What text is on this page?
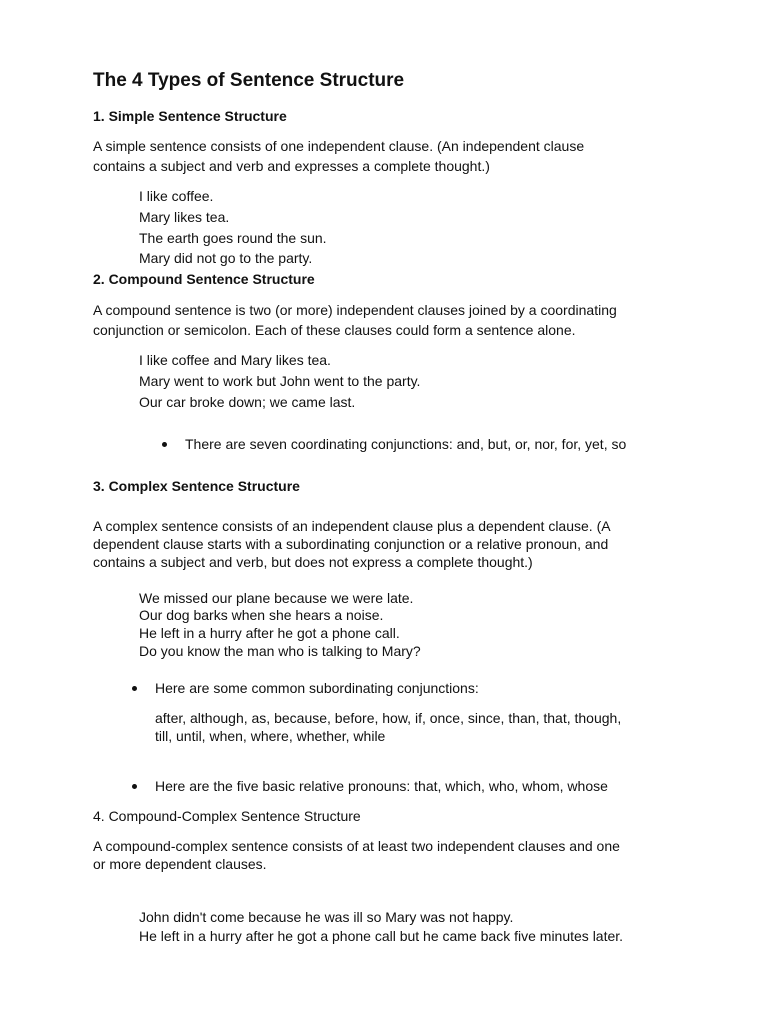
The 4 Types of Sentence Structure
1. Simple Sentence Structure
A simple sentence consists of one independent clause. (An independent clause
contains a subject and verb and expresses a complete thought.)
I like coffee.
Mary likes tea.
The earth goes round the sun.
Mary did not go to the party.
2. Compound Sentence Structure
A compound sentence is two (or more) independent clauses joined by a coordinating
conjunction or semicolon. Each of these clauses could form a sentence alone.
I like coffee and Mary likes tea.
Mary went to work but John went to the party.
Our car broke down; we came last.
There are seven coordinating conjunctions: and, but, or, nor, for, yet, so
3. Complex Sentence Structure
A complex sentence consists of an independent clause plus a dependent clause. (A
dependent clause starts with a subordinating conjunction or a relative pronoun, and
contains a subject and verb, but does not express a complete thought.)
We missed our plane because we were late.
Our dog barks when she hears a noise.
He left in a hurry after he got a phone call.
Do you know the man who is talking to Mary?
Here are some common subordinating conjunctions:
after, although, as, because, before, how, if, once, since, than, that, though,
till, until, when, where, whether, while
Here are the five basic relative pronouns: that, which, who, whom, whose
4. Compound-Complex Sentence Structure
A compound-complex sentence consists of at least two independent clauses and one
or more dependent clauses.
John didn't come because he was ill so Mary was not happy.
He left in a hurry after he got a phone call but he came back five minutes later.
